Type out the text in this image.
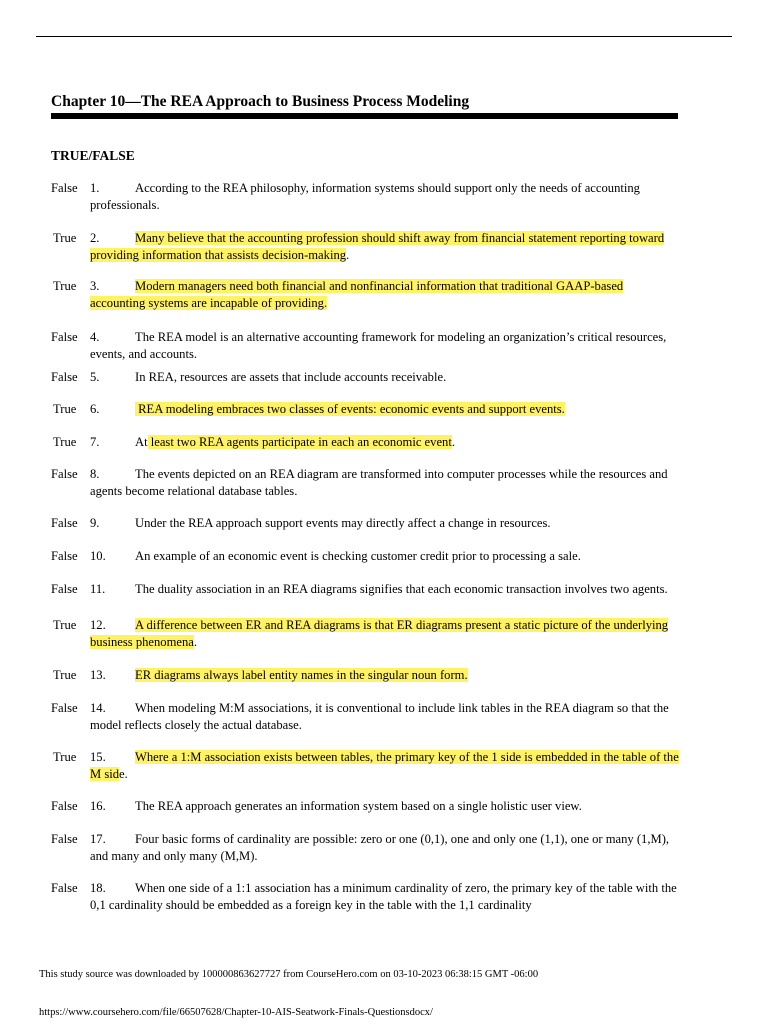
Chapter 10—The REA Approach to Business Process Modeling
TRUE/FALSE
False 1.	According to the REA philosophy, information systems should support only the needs of accounting professionals.
True	2.	Many believe that the accounting profession should shift away from financial statement reporting toward providing information that assists decision-making.
True	3.	Modern managers need both financial and nonfinancial information that traditional GAAP-based accounting systems are incapable of providing.
False 4.	The REA model is an alternative accounting framework for modeling an organization’s critical resources, events, and accounts.
False 5.	In REA, resources are assets that include accounts receivable.
True	6.	REA modeling embraces two classes of events: economic events and support events.
True	7.	At least two REA agents participate in each an economic event.
False 8.	The events depicted on an REA diagram are transformed into computer processes while the resources and agents become relational database tables.
False 9.	Under the REA approach support events may directly affect a change in resources.
False 10.	An example of an economic event is checking customer credit prior to processing a sale.
False 11.	The duality association in an REA diagrams signifies that each economic transaction involves two agents.
True	12.	A difference between ER and REA diagrams is that ER diagrams present a static picture of the underlying business phenomena.
True	13.	ER diagrams always label entity names in the singular noun form.
False 14.	When modeling M:M associations, it is conventional to include link tables in the REA diagram so that the model reflects closely the actual database.
True	15.	Where a 1:M association exists between tables, the primary key of the 1 side is embedded in the table of the M side.
False 16.	The REA approach generates an information system based on a single holistic user view.
False 17.	Four basic forms of cardinality are possible: zero or one (0,1), one and only one (1,1), one or many (1,M), and many and only many (M,M).
False 18.	When one side of a 1:1 association has a minimum cardinality of zero, the primary key of the table with the 0,1 cardinality should be embedded as a foreign key in the table with the 1,1 cardinality
This study source was downloaded by 100000863627727 from CourseHero.com on 03-10-2023 06:38:15 GMT -06:00
https://www.coursehero.com/file/66507628/Chapter-10-AIS-Seatwork-Finals-Questionsdocx/
